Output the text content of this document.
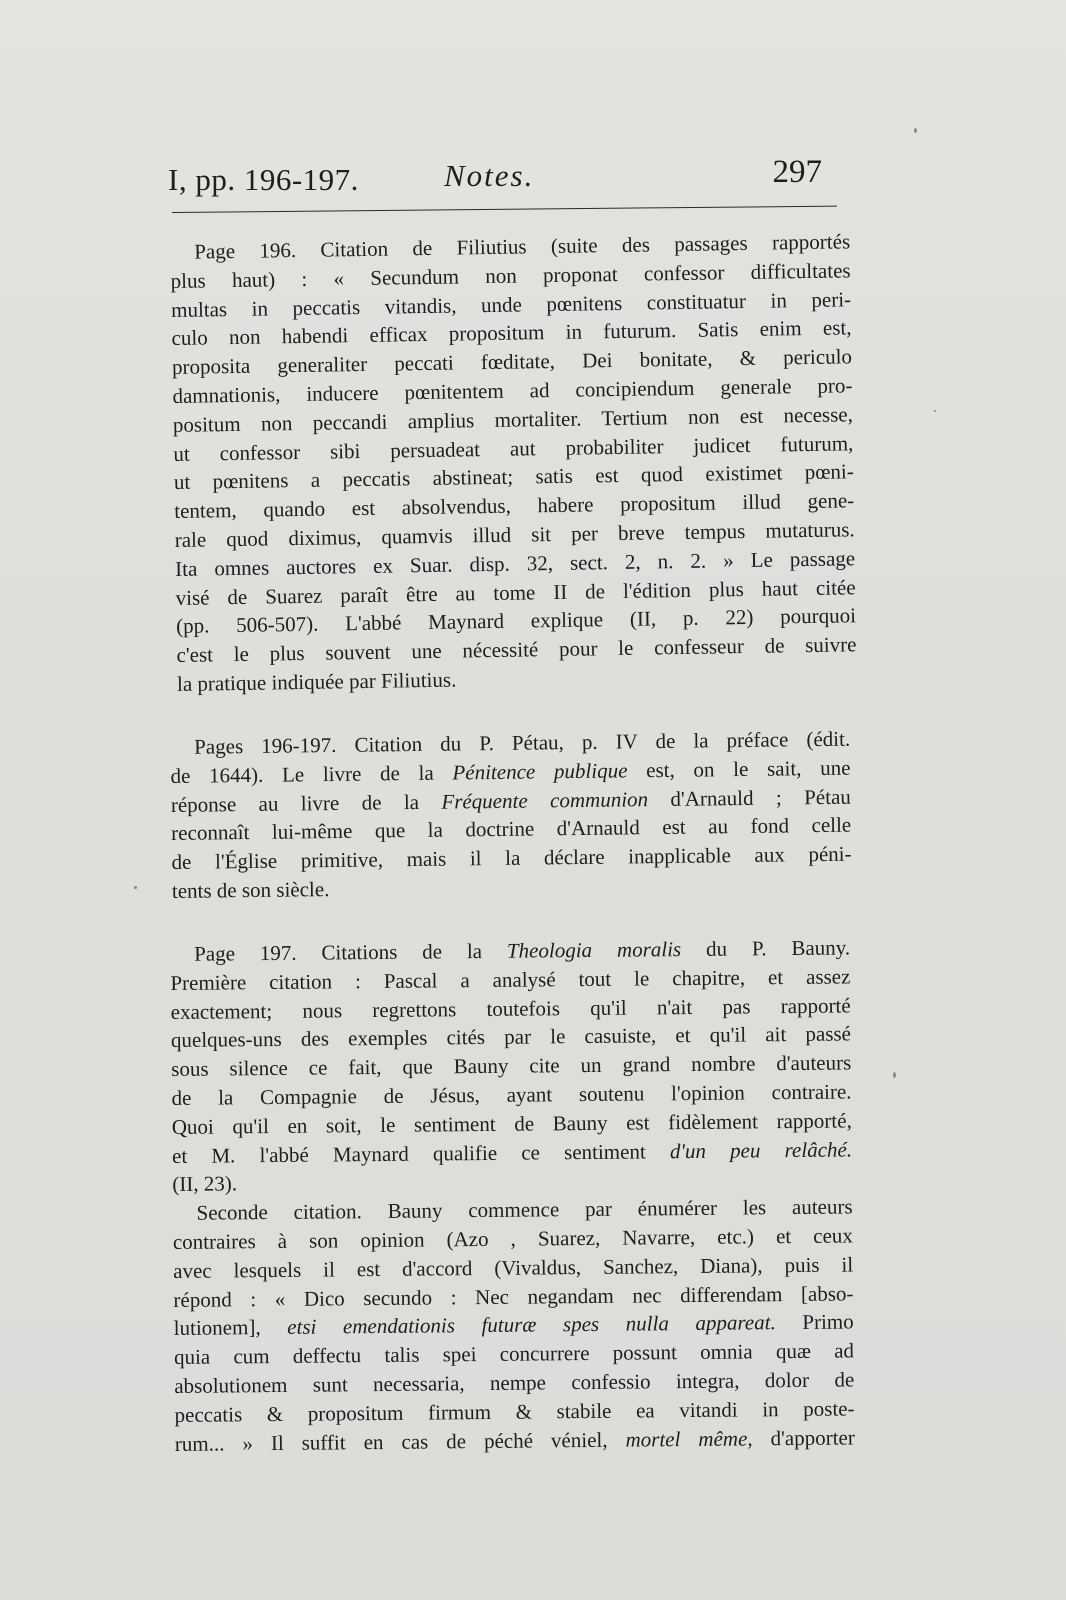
I, pp. 196-197.	Notes.	297
Page 196. Citation de Filiutius (suite des passages rapportés
plus haut) : « Secundum non proponat confessor difficultates
multas in peccatis vitandis, unde pœnitens constituatur in peri-
culo non habendi efficax propositum in futurum. Satis enim est,
proposita generaliter peccati fœditate, Dei bonitate, & periculo
damnationis, inducere pœnitentem ad concipiendum generale pro-
positum non peccandi amplius mortaliter. Tertium non est necesse,
ut confessor sibi persuadeat aut probabiliter judicet futurum,
ut pœnitens a peccatis abstineat; satis est quod existimet pœni-
tentem, quando est absolvendus, habere propositum illud gene-
rale quod diximus, quamvis illud sit per breve tempus mutaturus.
Ita omnes auctores ex Suar. disp. 32, sect. 2, n. 2. » Le passage
visé de Suarez paraît être au tome II de l'édition plus haut citée
(pp. 506-507). L'abbé Maynard explique (II, p. 22) pourquoi
c'est le plus souvent une nécessité pour le confesseur de suivre
la pratique indiquée par Filiutius.
Pages 196-197. Citation du P. Pétau, p. IV de la préface (édit.
de 1644). Le livre de la Pénitence publique est, on le sait, une
réponse au livre de la Fréquente communion d'Arnauld ; Pétau
reconnaît lui-même que la doctrine d'Arnauld est au fond celle
de l'Église primitive, mais il la déclare inapplicable aux péni-
tents de son siècle.
Page 197. Citations de la Theologia moralis du P. Bauny.
Première citation : Pascal a analysé tout le chapitre, et assez
exactement; nous regrettons toutefois qu'il n'ait pas rapporté
quelques-uns des exemples cités par le casuiste, et qu'il ait passé
sous silence ce fait, que Bauny cite un grand nombre d'auteurs
de la Compagnie de Jésus, ayant soutenu l'opinion contraire.
Quoi qu'il en soit, le sentiment de Bauny est fidèlement rapporté,
et M. l'abbé Maynard qualifie ce sentiment d'un peu relâché.
(II, 23).
Seconde citation. Bauny commence par énumérer les auteurs
contraires à son opinion (Azo , Suarez, Navarre, etc.) et ceux
avec lesquels il est d'accord (Vivaldus, Sanchez, Diana), puis il
répond : « Dico secundo : Nec negandam nec differendam [abso-
lutionem], etsi emendationis futuræ spes nulla appareat. Primo
quia cum deffectu talis spei concurrere possunt omnia quæ ad
absolutionem sunt necessaria, nempe confessio integra, dolor de
peccatis & propositum firmum & stabile ea vitandi in poste-
rum... » Il suffit en cas de péché véniel, mortel même, d'apporter
